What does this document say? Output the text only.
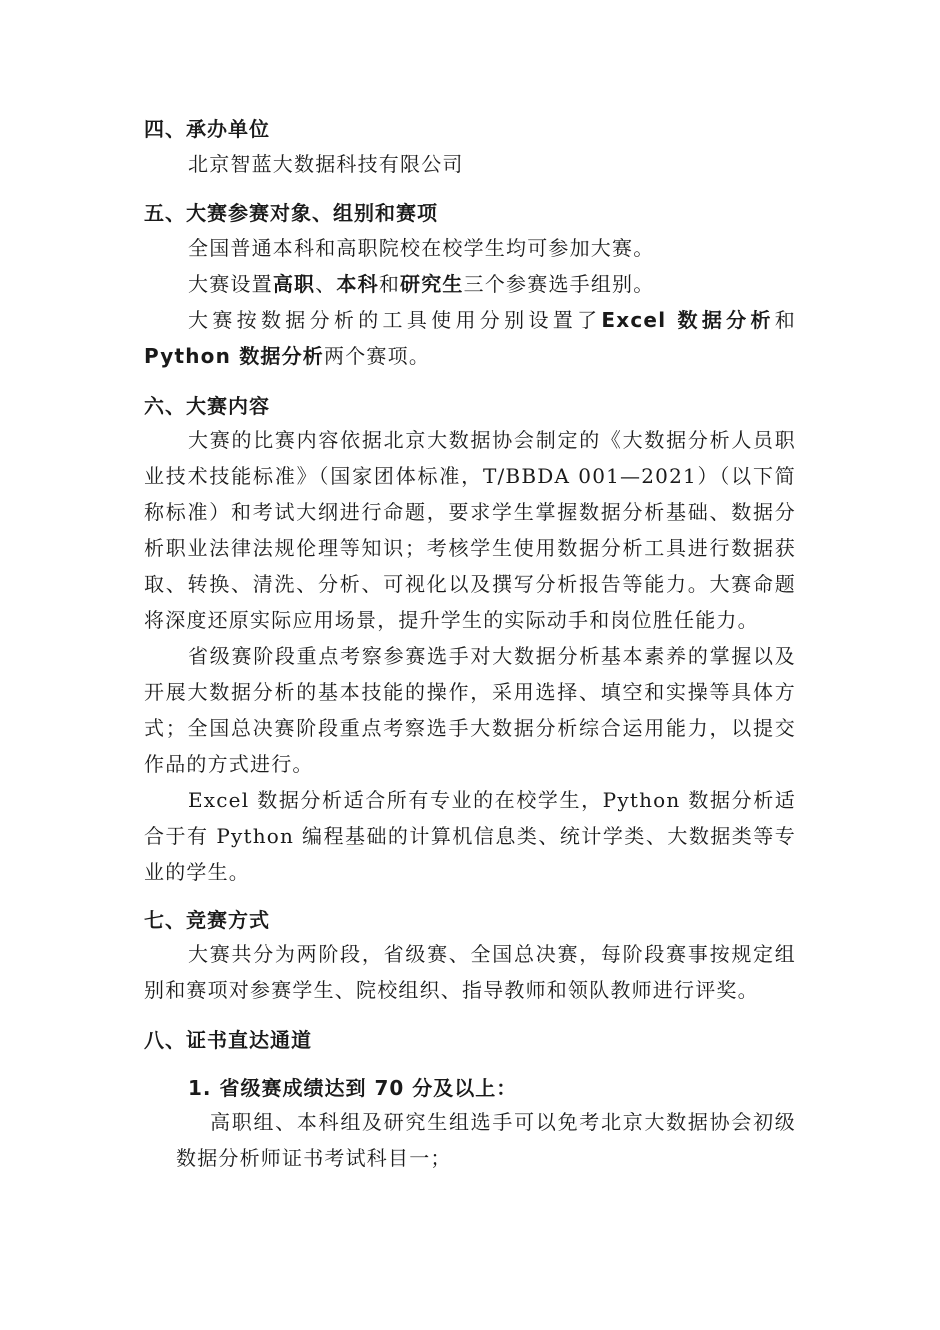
四、承办单位
北京智蓝大数据科技有限公司
五、大赛参赛对象、组别和赛项
全国普通本科和高职院校在校学生均可参加大赛。
大赛设置高职、本科和研究生三个参赛选手组别。
大赛按数据分析的工具使用分别设置了Excel 数据分析和Python 数据分析两个赛项。
六、大赛内容
大赛的比赛内容依据北京大数据协会制定的《大数据分析人员职业技术技能标准》（国家团体标准，T/BBDA 001—2021）（以下简称标准）和考试大纲进行命题，要求学生掌握数据分析基础、数据分析职业法律法规伦理等知识；考核学生使用数据分析工具进行数据获取、转换、清洗、分析、可视化以及撰写分析报告等能力。大赛命题将深度还原实际应用场景，提升学生的实际动手和岗位胜任能力。
省级赛阶段重点考察参赛选手对大数据分析基本素养的掌握以及开展大数据分析的基本技能的操作，采用选择、填空和实操等具体方式；全国总决赛阶段重点考察选手大数据分析综合运用能力，以提交作品的方式进行。
Excel 数据分析适合所有专业的在校学生，Python 数据分析适合于有 Python 编程基础的计算机信息类、统计学类、大数据类等专业的学生。
七、竞赛方式
大赛共分为两阶段，省级赛、全国总决赛，每阶段赛事按规定组别和赛项对参赛学生、院校组织、指导教师和领队教师进行评奖。
八、证书直达通道
1. 省级赛成绩达到 70 分及以上：
高职组、本科组及研究生组选手可以免考北京大数据协会初级数据分析师证书考试科目一；
